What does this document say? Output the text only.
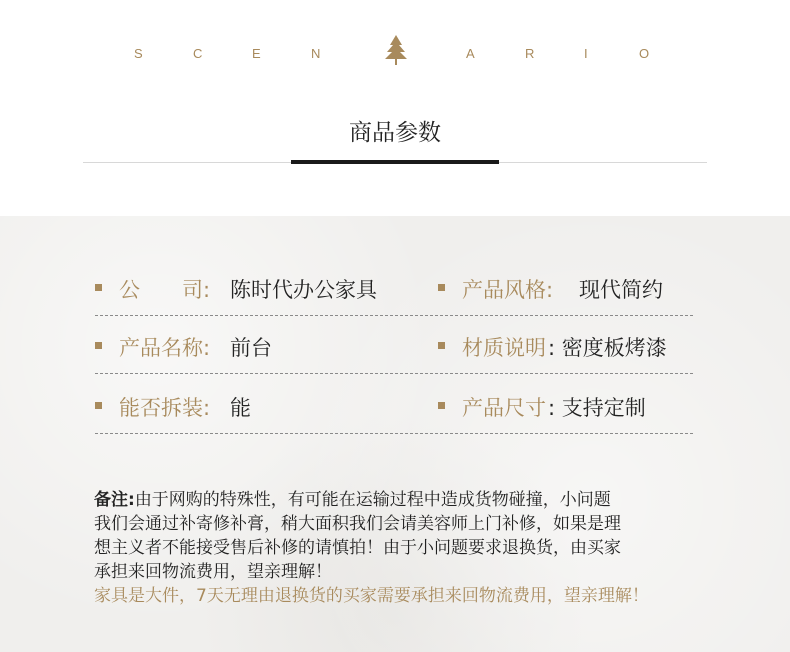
S	C	E	N	A	R	I	O
商品参数
公　　司: 陈时代办公家具	产品风格: 现代简约
产品名称: 前台	材质说明 : 密度板烤漆
能否拆装: 能	产品尺寸 : 支持定制
备注:由于网购的特殊性，有可能在运输过程中造成货物碰撞，小问题
我们会通过补寄修补膏，稍大面积我们会请美容师上门补修，如果是理
想主义者不能接受售后补修的请慎拍！由于小问题要求退换货，由买家
承担来回物流费用，望亲理解！
家具是大件，7天无理由退换货的买家需要承担来回物流费用，望亲理解！
